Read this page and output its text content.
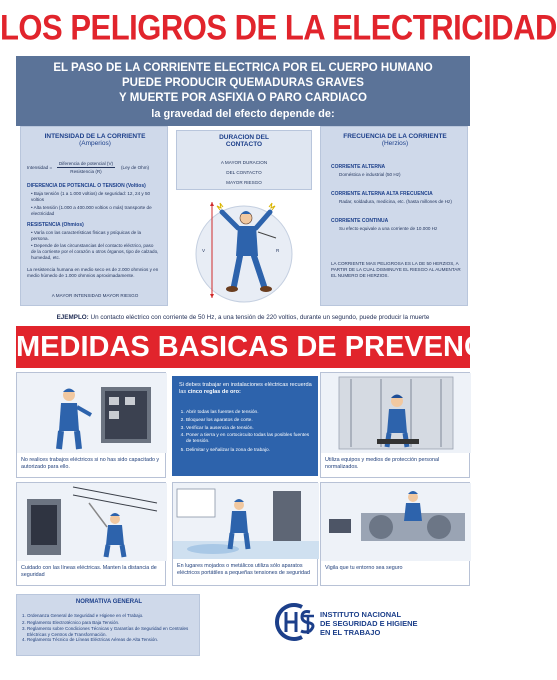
LOS PELIGROS DE LA ELECTRICIDAD
EL PASO DE LA CORRIENTE ELECTRICA POR EL CUERPO HUMANO
PUEDE PRODUCIR QUEMADURAS GRAVES
Y MUERTE POR ASFIXIA O PARO CARDIACO
la gravedad del efecto depende de:
INTENSIDAD DE LA CORRIENTE
(Amperios)
Intensidad =
Diferencia de potencial (V)
Resistencia (R)
(Ley de Ohm)
DIFERENCIA DE POTENCIAL O TENSION (Voltios)
• Baja tensión (1 a 1.000 voltios) de seguridad: 12, 24 y 50 voltios
• Alta tensión (1.000 a 400.000 voltios o más) transporte de electricidad
RESISTENCIA (Ohmios)
• Varía con las características físicas y psíquicas de la persona.
• Depende de las circunstancias del contacto eléctrico, paso de la corriente por el corazón u otros órganos, tipo de calzado, humedad, etc.
La resistencia humana en medio seco es de 2.000 ohmnios y en medio húmedo de 1.000 ohmnios aproximadamente.
A MAYOR INTENSIDAD MAYOR RIESGO
DURACION DEL
CONTACTO
A MAYOR DURACION
DEL CONTACTO
MAYOR RIESGO
V	R
FRECUENCIA DE LA CORRIENTE
(Herzios)
CORRIENTE ALTERNA
Doméstica e industrial (50 Hz)
CORRIENTE ALTERNA ALTA FRECUENCIA
Radar, soldadura, medicina, etc. (hasta millones de Hz)
CORRIENTE CONTINUA
Su efecto equivale a una corriente de 10.000 Hz
LA CORRIENTE MAS PELIGROSA ES LA DE 50 HERZIOS, A PARTIR DE LA CUAL DISMINUYE EL RIESGO AL AUMENTAR EL NUMERO DE HERZIOS.
EJEMPLO: Un contacto eléctrico con corriente de 50 Hz, a una tensión de 220 voltios, durante un segundo, puede producir la muerte
MEDIDAS BASICAS DE PREVENCION
No realices trabajos eléctricos si no has sido capacitado y autorizado para ello.
Si debes trabajar en instalaciones eléctricas recuerda las cinco reglas de oro:
1. Abrir todas las fuentes de tensión.
2. Bloquear los aparatos de corte.
3. Verificar la ausencia de tensión.
4. Poner a tierra y en cortocircuito todas las posibles fuentes de tensión.
5. Delimitar y señalizar la zona de trabajo.
Utiliza equipos y medios de protección personal normalizados.
Cuidado con las líneas eléctricas. Manten la distancia de seguridad
En lugares mojados o metálicos utiliza sólo aparatos eléctricos portátiles a pequeñas tensiones de seguridad
Vigila que tu entorno sea seguro
NORMATIVA GENERAL
1. Ordenanza General de Seguridad e Higiene en el Trabajo.
2. Reglamento Electrotécnico para Baja Tensión.
3. Reglamento sobre Condiciones Técnicas y Garantías de Seguridad en Centrales Eléctricas y Centros de Transformación.
4. Reglamento Técnico de Líneas Eléctricas Aéreas de Alta Tensión.
INSTITUTO NACIONAL
DE SEGURIDAD E HIGIENE
EN EL TRABAJO
